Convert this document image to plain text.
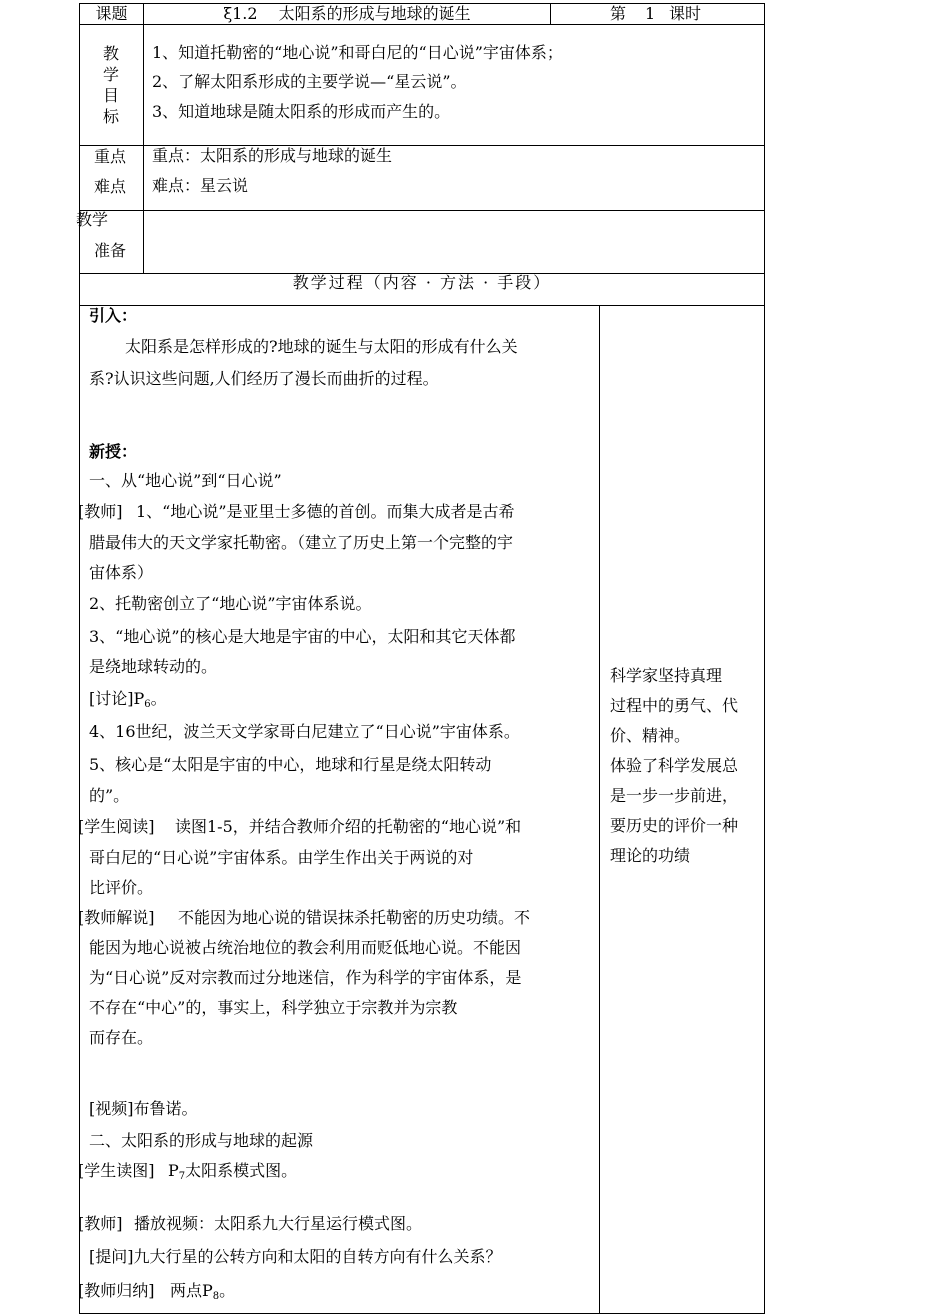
课题	ξ1.2　 太阳系的形成与地球的诞生	第 1 课时
教
学
目
标
1、知道托勒密的“地心说”和哥白尼的“日心说”宇宙体系；
2、了解太阳系形成的主要学说—“星云说”。
3、知道地球是随太阳系的形成而产生的。
重点
难点
重点：太阳系的形成与地球的诞生
难点：星云说
教学
准备
教学过程（内容 · 方法 · 手段）
引入：
太阳系是怎样形成的?地球的诞生与太阳的形成有什么关
系?认识这些问题,人们经历了漫长而曲折的过程。
新授：
一、从“地心说”到“日心说”
[教师] 1、“地心说”是亚里士多德的首创。而集大成者是古希
腊最伟大的天文学家托勒密。（建立了历史上第一个完整的宇
宙体系）
2、托勒密创立了“地心说”宇宙体系说。
3、“地心说”的核心是大地是宇宙的中心，太阳和其它天体都
是绕地球转动的。
[讨论]$P_6$。
4、16世纪，波兰天文学家哥白尼建立了“日心说”宇宙体系。
5、核心是“太阳是宇宙的中心，地球和行星是绕太阳转动
的”。
[学生阅读] 读图1-5，并结合教师介绍的托勒密的“地心说”和
哥白尼的“日心说”宇宙体系。由学生作出关于两说的对
比评价。
[教师解说] 不能因为地心说的错误抹杀托勒密的历史功绩。不
能因为地心说被占统治地位的教会利用而贬低地心说。不能因
为“日心说”反对宗教而过分地迷信，作为科学的宇宙体系，是
不存在“中心”的，事实上，科学独立于宗教并为宗教
而存在。
[视频]布鲁诺。
二、太阳系的形成与地球的起源
[学生读图] $P_7$太阳系模式图。
[教师] 播放视频：太阳系九大行星运行模式图。
[提问]九大行星的公转方向和太阳的自转方向有什么关系？
[教师归纳] 两点$P_8$。
科学家坚持真理
过程中的勇气、代
价、精神。
体验了科学发展总
是一步一步前进，
要历史的评价一种
理论的功绩
